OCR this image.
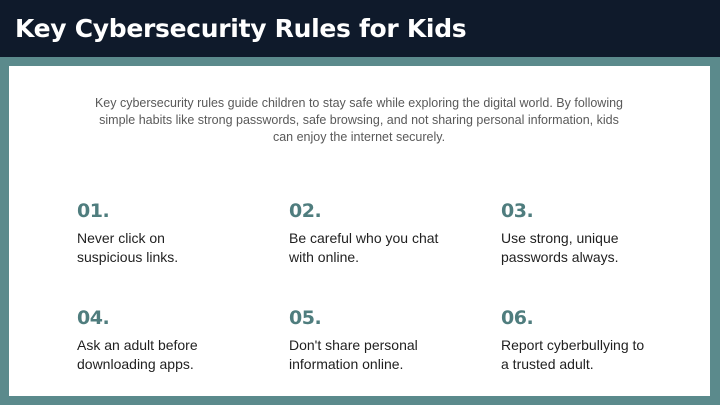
Key Cybersecurity Rules for Kids

Key cybersecurity rules guide children to stay safe while exploring the digital world. By following simple habits like strong passwords, safe browsing, and not sharing personal information, kids can enjoy the internet securely.

01.

Never click on suspicious links.

02.

Be careful who you chat with online.

03.

Use strong, unique passwords always.

04.

Ask an adult before downloading apps.

05.

Don't share personal information online.

06.

Report cyberbullying to a trusted adult.
